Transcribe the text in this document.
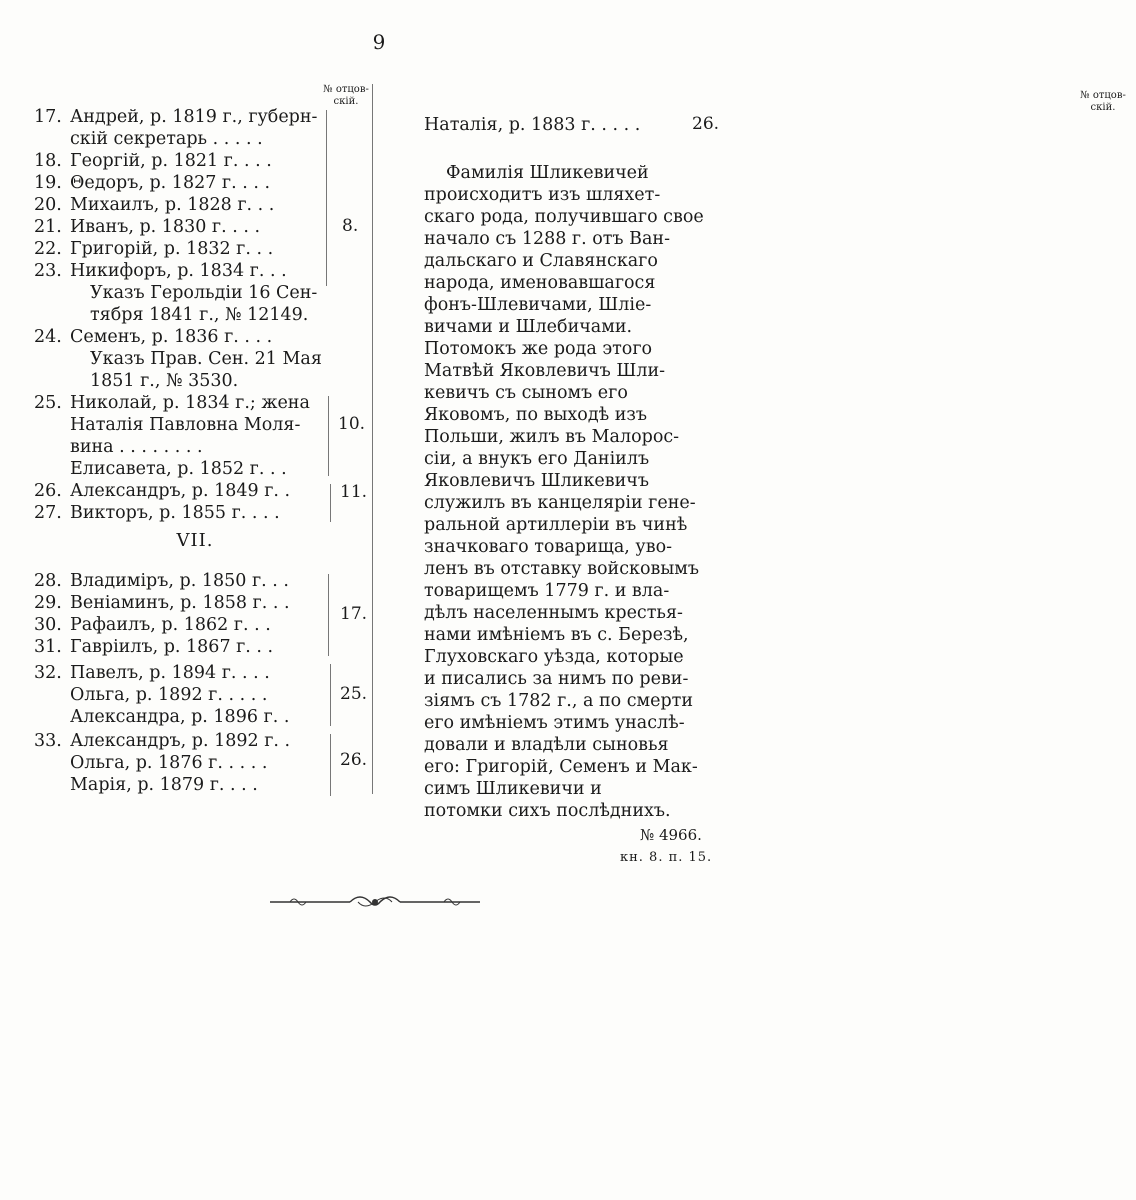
9
№ отцов- скій.
17. Андрей, р. 1819 г., губерн-
скій секретарь . . . . .
18. Георгій, р. 1821 г. . . .
19. Θедоръ, р. 1827 г. . . .
20. Михаилъ, р. 1828 г. . .
21. Иванъ, р. 1830 г. . . .
22. Григорій, р. 1832 г. . .
23. Никифоръ, р. 1834 г. . .
Указъ Герольдіи 16 Сен-
тября 1841 г., № 12149.
24. Семенъ, р. 1836 г. . . .
Указъ Прав. Сен. 21 Мая
1851 г., № 3530.
25. Николай, р. 1834 г.; жена
Наталія Павловна Моля-
вина . . . . . . . .
Елисавета, р. 1852 г. . .
26. Александръ, р. 1849 г. .
27. Викторъ, р. 1855 г. . . .
8.
10.
11.
VII.
28. Владиміръ, р. 1850 г. . .
29. Веніаминъ, р. 1858 г. . .
30. Рафаилъ, р. 1862 г. . .
31. Гавріилъ, р. 1867 г. . .
32. Павелъ, р. 1894 г. . . .
Ольга, р. 1892 г. . . . .
Александра, р. 1896 г. .
33. Александръ, р. 1892 г. .
Ольга, р. 1876 г. . . . .
Марія, р. 1879 г. . . .
17.
25.
26.
№ отцов- скій.
Наталія, р. 1883 г. . . . .	26.
Фамилія Шликевичей
происходитъ изъ шляхет-
скаго рода, получившаго свое
начало съ 1288 г. отъ Ван-
дальскаго и Славянскаго
народа, именовавшагося
фонъ-Шлевичами, Шліе-
вичами и Шлебичами.
Потомокъ же рода этого
Матвѣй Яковлевичъ Шли-
кевичъ съ сыномъ его
Яковомъ, по выходѣ изъ
Польши, жилъ въ Малорос-
сіи, а внукъ его Даніилъ
Яковлевичъ Шликевичъ
служилъ въ канцеляріи гене-
ральной артиллеріи въ чинѣ
значковаго товарища, уво-
ленъ въ отставку войсковымъ
товарищемъ 1779 г. и вла-
дѣлъ населеннымъ крестья-
нами имѣніемъ въ с. Березѣ,
Глуховскаго уѣзда, которые
и писались за нимъ по реви-
зіямъ съ 1782 г., а по смерти
его имѣніемъ этимъ унаслѣ-
довали и владѣли сыновья
его: Григорій, Семенъ и Мак-
симъ Шликевичи и
потомки сихъ послѣднихъ.
№ 4966.
кн. 8. п. 15.
